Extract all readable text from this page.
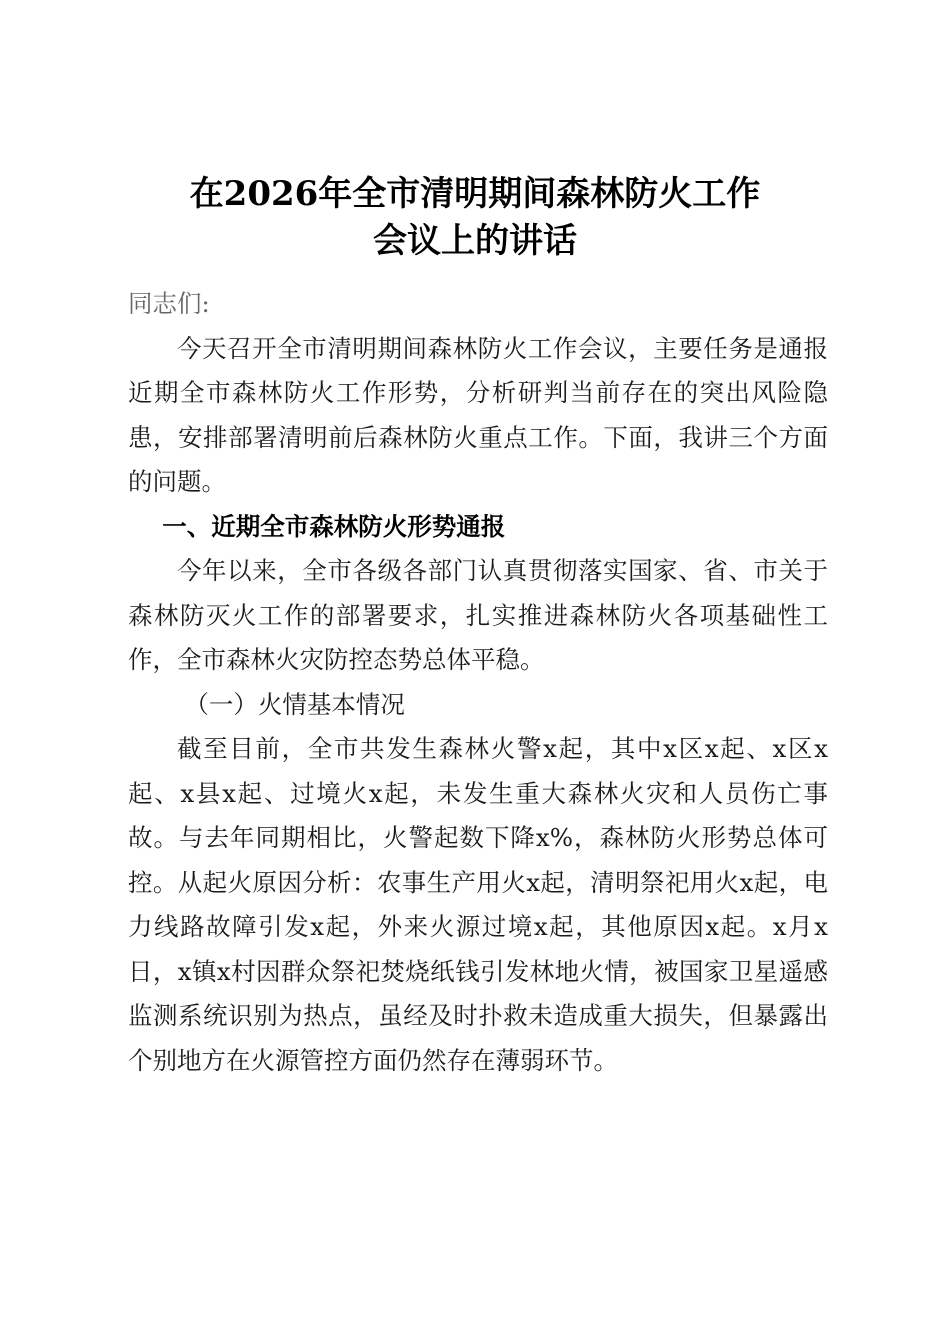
在2026年全市清明期间森林防火工作
会议上的讲话

同志们:

今天召开全市清明期间森林防火工作会议，主要任务是通报近期全市森林防火工作形势，分析研判当前存在的突出风险隐患，安排部署清明前后森林防火重点工作。下面，我讲三个方面的问题。

一、近期全市森林防火形势通报

今年以来，全市各级各部门认真贯彻落实国家、省、市关于森林防灭火工作的部署要求，扎实推进森林防火各项基础性工作，全市森林火灾防控态势总体平稳。

（一）火情基本情况

截至目前，全市共发生森林火警x起，其中x区x起、x区x起、x县x起、过境火x起，未发生重大森林火灾和人员伤亡事故。与去年同期相比，火警起数下降x%，森林防火形势总体可控。从起火原因分析：农事生产用火x起，清明祭祀用火x起，电力线路故障引发x起，外来火源过境x起，其他原因x起。x月x日，x镇x村因群众祭祀焚烧纸钱引发林地火情，被国家卫星遥感监测系统识别为热点，虽经及时扑救未造成重大损失，但暴露出个别地方在火源管控方面仍然存在薄弱环节。
